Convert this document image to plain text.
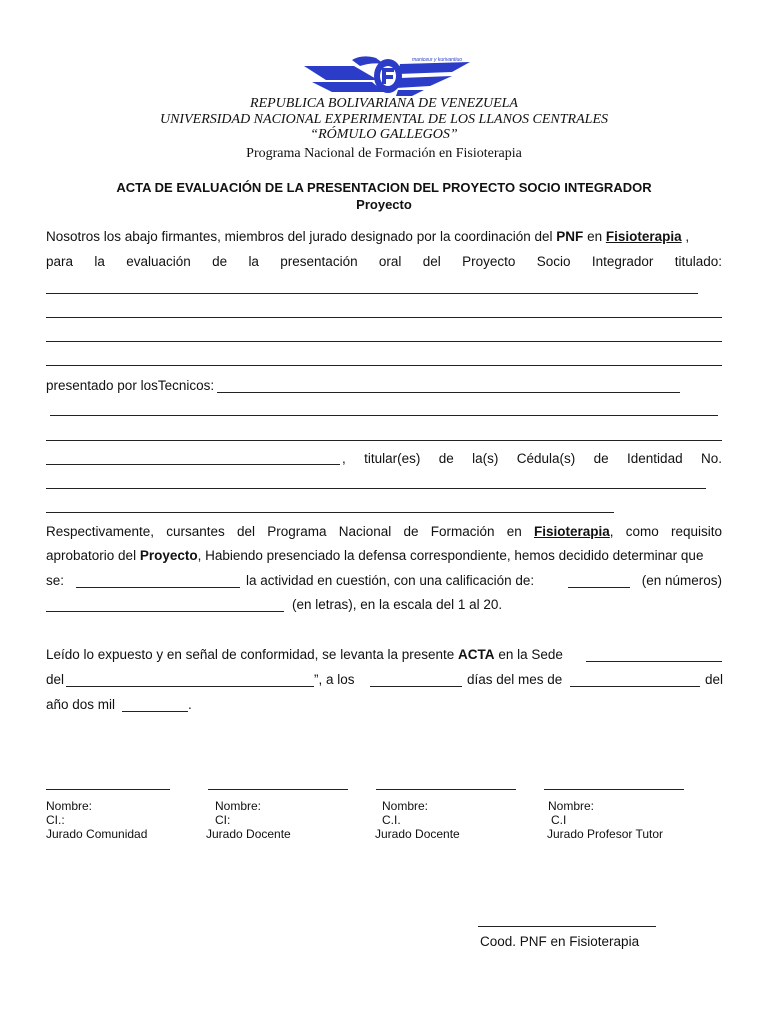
maniceur y kurivantiuo
REPUBLICA BOLIVARIANA DE VENEZUELA
UNIVERSIDAD NACIONAL EXPERIMENTAL DE LOS LLANOS CENTRALES
“RÓMULO GALLEGOS”
Programa Nacional de Formación en Fisioterapia
ACTA DE EVALUACIÓN DE LA PRESENTACION DEL PROYECTO SOCIO INTEGRADOR
Proyecto
Nosotros los abajo firmantes, miembros del jurado designado por la coordinación del PNF en Fisioterapia ,
para la evaluación de la presentación oral del Proyecto Socio Integrador titulado:
presentado por losTecnicos:
, titular(es) de la(s) Cédula(s) de Identidad No.
Respectivamente, cursantes del Programa Nacional de Formación en Fisioterapia, como requisito
aprobatorio del Proyecto, Habiendo presenciado la defensa correspondiente, hemos decidido determinar que
se:	la actividad en cuestión, con una calificación de:	(en números)
(en letras), en la escala del 1 al 20.
Leído lo expuesto y en señal de conformidad, se levanta la presente ACTA en la Sede
del	”, a los	días del mes de	del
año dos mil	.
Nombre:
CI.:
Jurado Comunidad
Nombre:
CI:
Jurado Docente
Nombre:
C.I.
Jurado Docente
Nombre:
C.I
Jurado Profesor Tutor
Cood. PNF en Fisioterapia
